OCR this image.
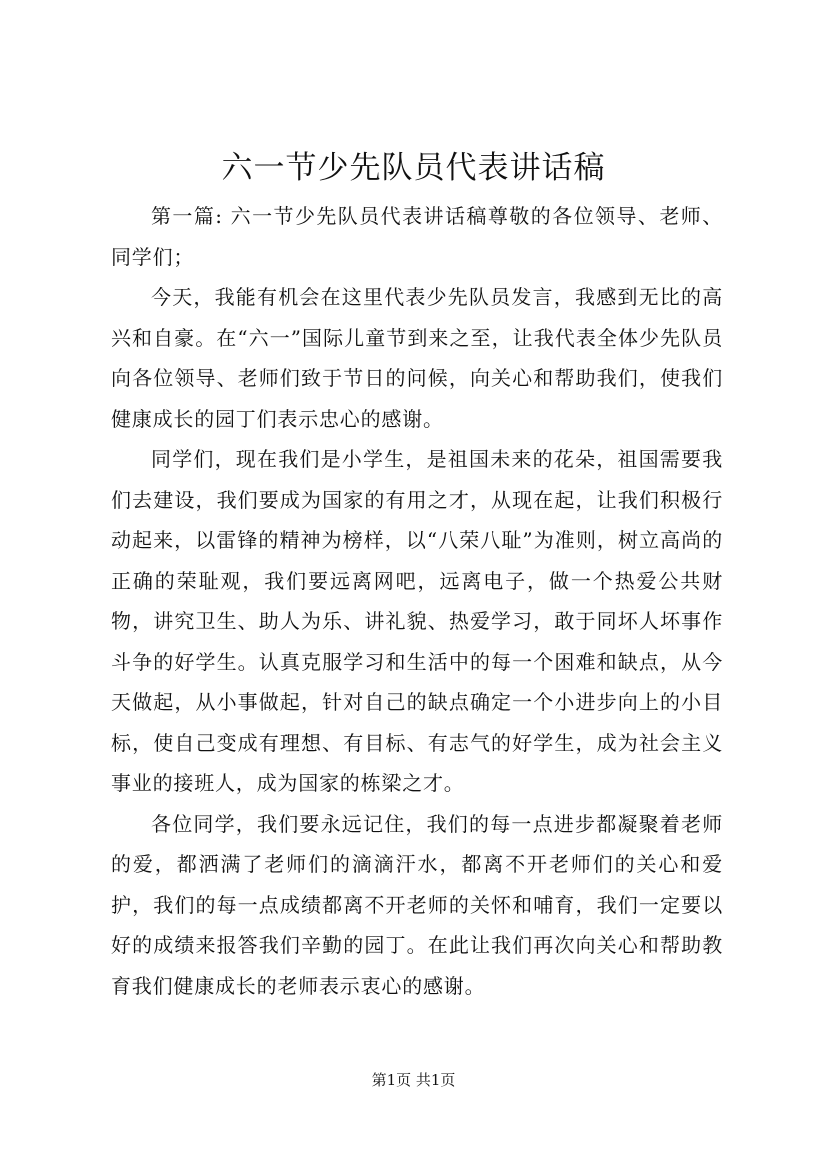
六一节少先队员代表讲话稿

第一篇: 六一节少先队员代表讲话稿尊敬的各位领导、老师、同学们；

今天，我能有机会在这里代表少先队员发言，我感到无比的高兴和自豪。在“六一”国际儿童节到来之至，让我代表全体少先队员向各位领导、老师们致于节日的问候，向关心和帮助我们，使我们健康成长的园丁们表示忠心的感谢。

同学们，现在我们是小学生，是祖国未来的花朵，祖国需要我们去建设，我们要成为国家的有用之才，从现在起，让我们积极行动起来，以雷锋的精神为榜样，以“八荣八耻”为准则，树立高尚的正确的荣耻观，我们要远离网吧，远离电子，做一个热爱公共财物，讲究卫生、助人为乐、讲礼貌、热爱学习，敢于同坏人坏事作斗争的好学生。认真克服学习和生活中的每一个困难和缺点，从今天做起，从小事做起，针对自己的缺点确定一个小进步向上的小目标，使自己变成有理想、有目标、有志气的好学生，成为社会主义事业的接班人，成为国家的栋梁之才。

各位同学，我们要永远记住，我们的每一点进步都凝聚着老师的爱，都洒满了老师们的滴滴汗水，都离不开老师们的关心和爱护，我们的每一点成绩都离不开老师的关怀和哺育，我们一定要以好的成绩来报答我们辛勤的园丁。在此让我们再次向关心和帮助教育我们健康成长的老师表示衷心的感谢。

第1页 共1页
